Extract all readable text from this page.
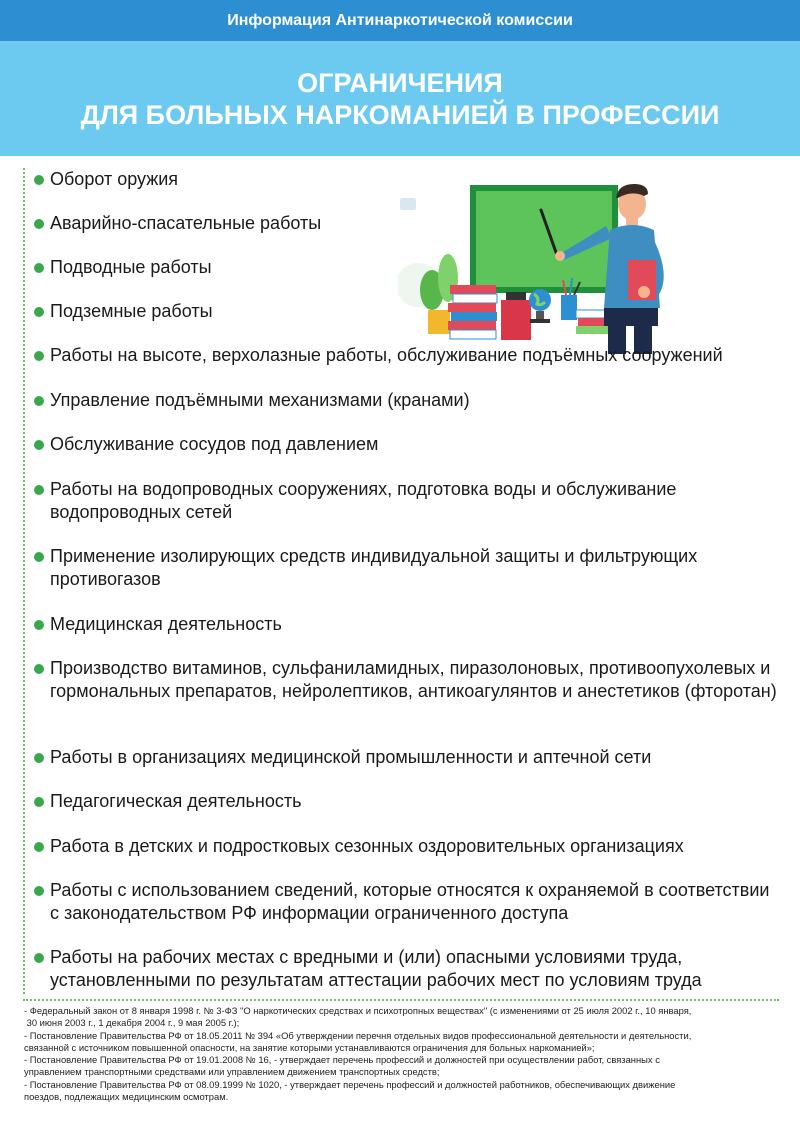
Информация Антинаркотической комиссии
ОГРАНИЧЕНИЯ
ДЛЯ БОЛЬНЫХ НАРКОМАНИЕЙ В ПРОФЕССИИ
Оборот оружия
Аварийно-спасательные работы
Подводные работы
Подземные работы
Работы на высоте, верхолазные работы, обслуживание подъёмных сооружений
Управление подъёмными механизмами (кранами)
Обслуживание сосудов под давлением
Работы на водопроводных сооружениях, подготовка воды и обслуживание водопроводных сетей
Применение изолирующих средств индивидуальной защиты и фильтрующих противогазов
Медицинская деятельность
Производство витаминов, сульфаниламидных, пиразолоновых, противоопухолевых и гормональных препаратов, нейролептиков, антикоагулянтов и анестетиков (фторотан)
Работы в организациях медицинской промышленности и аптечной сети
Педагогическая деятельность
Работа в детских и подростковых сезонных оздоровительных организациях
Работы с использованием сведений, которые относятся к охраняемой в соответствии с законодательством РФ информации ограниченного доступа
Работы на рабочих местах с вредными и (или) опасными условиями труда, установленными по результатам аттестации рабочих мест по условиям труда
- Федеральный закон от 8 января 1998 г. № 3-ФЗ "О наркотических средствах и психотропных веществах" (с изменениями от 25 июля 2002 г., 10 января,
30 июня 2003 г., 1 декабря 2004 г., 9 мая 2005 г.);
- Постановление Правительства РФ от 18.05.2011 № 394 «Об утверждении перечня отдельных видов профессиональной деятельности и деятельности,
связанной с источником повышенной опасности, на занятие которыми устанавливаются ограничения для больных наркоманией»;
- Постановление Правительства РФ от 19.01.2008 № 16, - утверждает перечень профессий и должностей при осуществлении работ, связанных с
управлением транспортными средствами или управлением движением транспортных средств;
- Постановление Правительства РФ от 08.09.1999 № 1020, - утверждает перечень профессий и должностей работников, обеспечивающих движение
поездов, подлежащих медицинским осмотрам.
